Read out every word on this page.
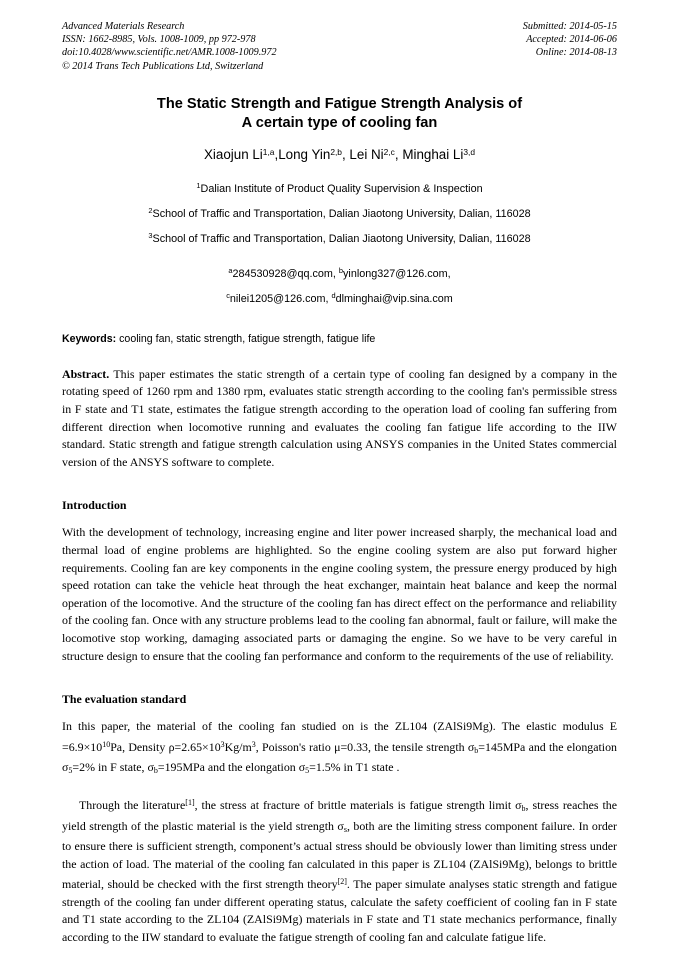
Advanced Materials Research
ISSN: 1662-8985, Vols. 1008-1009, pp 972-978
doi:10.4028/www.scientific.net/AMR.1008-1009.972
© 2014 Trans Tech Publications Ltd, Switzerland
Submitted: 2014-05-15
Accepted: 2014-06-06
Online: 2014-08-13
The Static Strength and Fatigue Strength Analysis of
A certain type of cooling fan
Xiaojun Li$^{1,a}$,Long Yin$^{2,b}$, Lei Ni$^{2,c}$, Minghai Li$^{3,d}$
$^1$Dalian Institute of Product Quality Supervision & Inspection
$^2$School of Traffic and Transportation, Dalian Jiaotong University, Dalian, 116028
$^3$School of Traffic and Transportation, Dalian Jiaotong University, Dalian, 116028
$^a$284530928@qq.com, $^b$yinlong327@126.com,
$^c$nilei1205@126.com, $^d$dlminghai@vip.sina.com
Keywords: cooling fan, static strength, fatigue strength, fatigue life
Abstract. This paper estimates the static strength of a certain type of cooling fan designed by a company in the rotating speed of 1260 rpm and 1380 rpm, evaluates static strength according to the cooling fan's permissible stress in F state and T1 state, estimates the fatigue strength according to the operation load of cooling fan suffering from different direction when locomotive running and evaluates the cooling fan fatigue life according to the IIW standard. Static strength and fatigue strength calculation using ANSYS companies in the United States commercial version of the ANSYS software to complete.
Introduction
With the development of technology, increasing engine and liter power increased sharply, the mechanical load and thermal load of engine problems are highlighted. So the engine cooling system are also put forward higher requirements. Cooling fan are key components in the engine cooling system, the pressure energy produced by high speed rotation can take the vehicle heat through the heat exchanger, maintain heat balance and keep the normal operation of the locomotive. And the structure of the cooling fan has direct effect on the performance and reliability of the cooling fan. Once with any structure problems lead to the cooling fan abnormal, fault or failure, will make the locomotive stop working, damaging associated parts or damaging the engine. So we have to be very careful in structure design to ensure that the cooling fan performance and conform to the requirements of the use of reliability.
The evaluation standard
In this paper, the material of the cooling fan studied on is the ZL104 (ZAlSi9Mg). The elastic modulus $E =6.9\times 10^{10}Pa$, Density $\rho=2.65\times 10^3Kg/m^3$, Poisson's ratio μ=0.33, the tensile strength $\sigma_b=145MPa$ and the elongation $\sigma_5=2\%$ in F state, $\sigma_b=195MPa$ and the elongation $\sigma_5=1.5\%$ in T1 state .
Through the literature[1], the stress at fracture of brittle materials is fatigue strength limit $\sigma_b$, stress reaches the yield strength of the plastic material is the yield strength $\sigma_s$, both are the limiting stress component failure. In order to ensure there is sufficient strength, component’s actual stress should be obviously lower than limiting stress under the action of load. The material of the cooling fan calculated in this paper is ZL104 (ZAlSi9Mg), belongs to brittle material, should be checked with the first strength theory[2]. The paper simulate analyses static strength and fatigue strength of the cooling fan under different operating status, calculate the safety coefficient of cooling fan in F state and T1 state according to the ZL104 (ZAlSi9Mg) materials in F state and T1 state mechanics performance, finally according to the IIW standard to evaluate the fatigue strength of cooling fan and calculate fatigue life.
